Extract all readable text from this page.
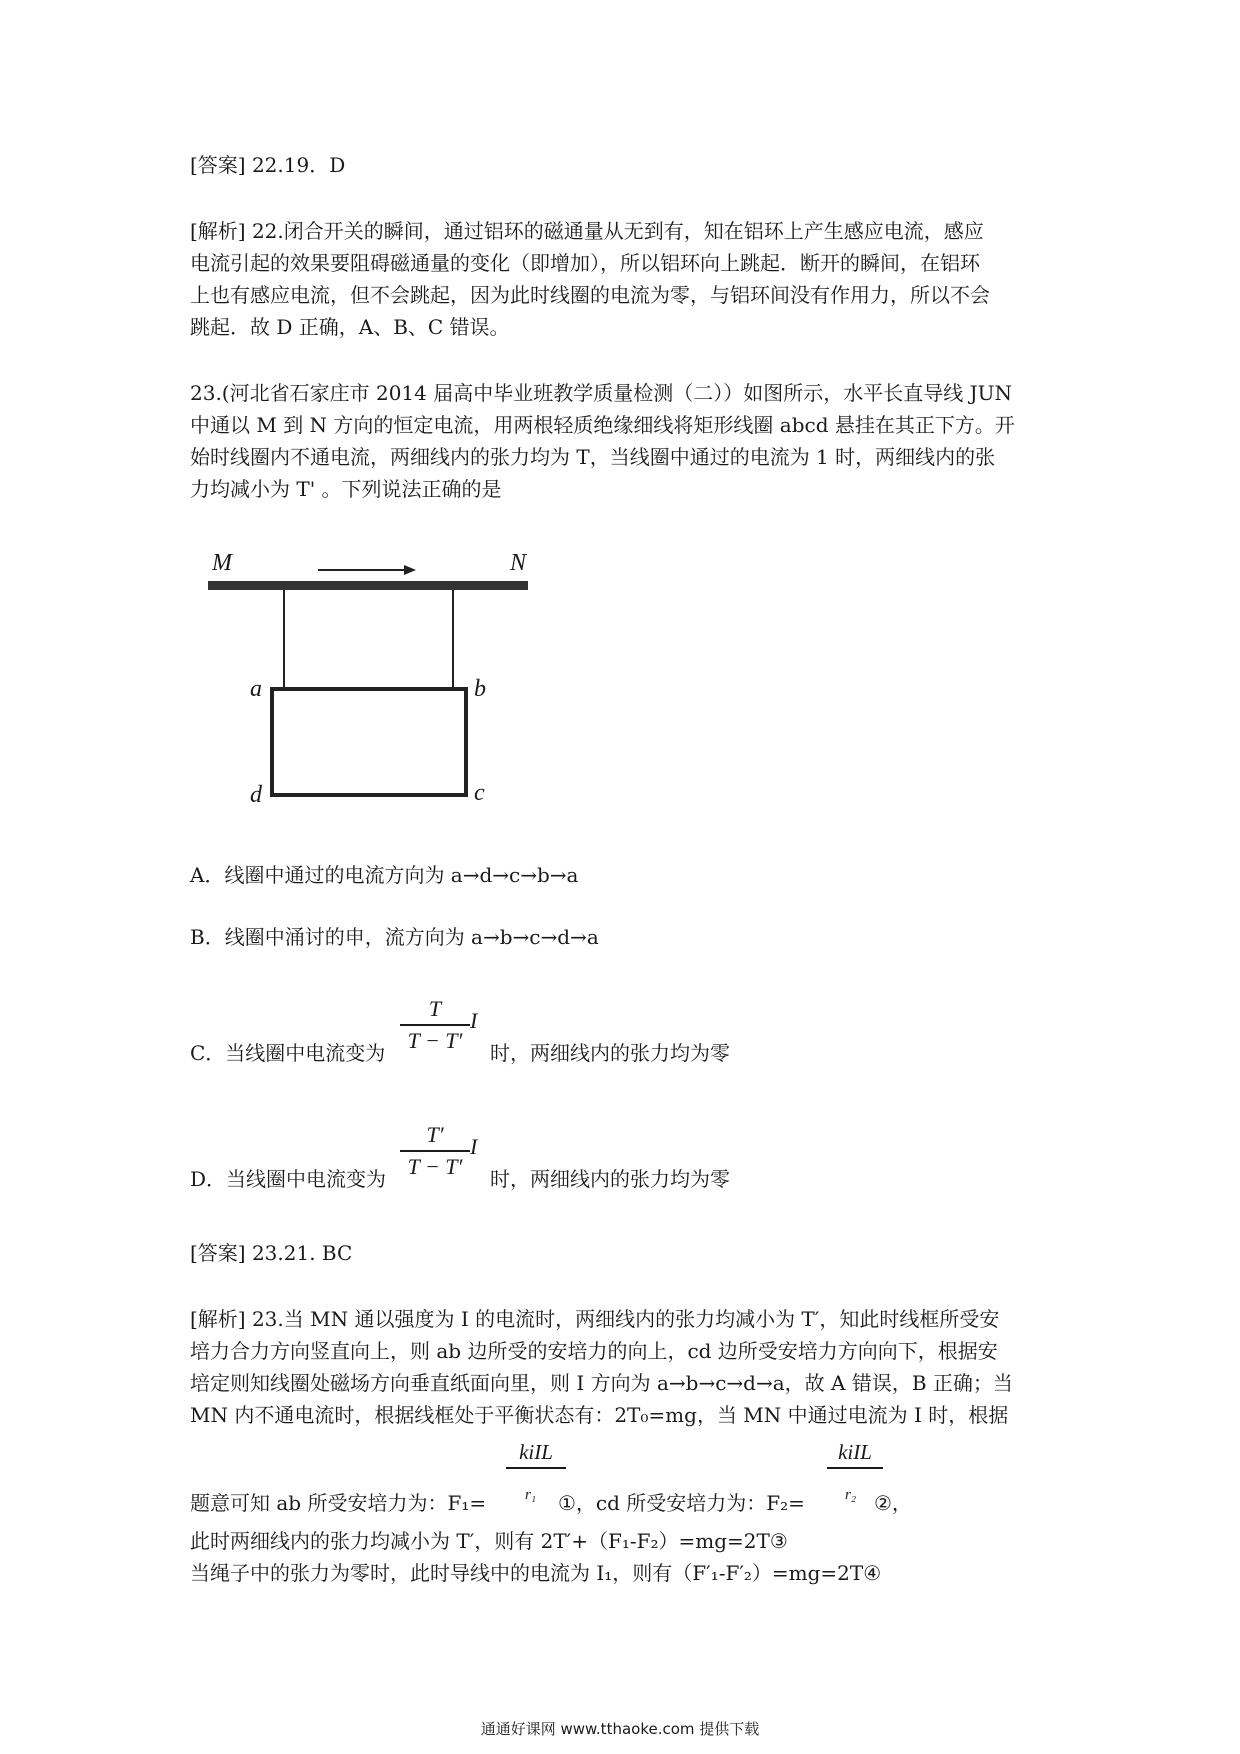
[答案] 22.19．D
[解析] 22.闭合开关的瞬间，通过铝环的磁通量从无到有，知在铝环上产生感应电流，感应
电流引起的效果要阻碍磁通量的变化（即增加），所以铝环向上跳起．断开的瞬间，在铝环
上也有感应电流，但不会跳起，因为此时线圈的电流为零，与铝环间没有作用力，所以不会
跳起．故 D 正确，A、B、C 错误。
23.(河北省石家庄市 2014 届高中毕业班教学质量检测（二））如图所示，水平长直导线 JUN
中通以 M 到 N 方向的恒定电流，用两根轻质绝缘细线将矩形线圈 abcd 悬挂在其正下方。开
始时线圈内不通电流，两细线内的张力均为 T，当线圈中通过的电流为 1 时，两细线内的张
力均减小为 T' 。下列说法正确的是
M	N
a	b
c
d
A．线圈中通过的电流方向为 a→d→c→b→a
B．线圈中涌讨的申，流方向为 a→b→c→d→a
C．当线圈中电流变为
T
T − T′
I
时，两细线内的张力均为零
D．当线圈中电流变为
T′
T − T′
I
时，两细线内的张力均为零
[答案] 23.21. BC
[解析] 23.当 MN 通以强度为 I 的电流时，两细线内的张力均减小为 T′，知此时线框所受安
培力合力方向竖直向上，则 ab 边所受的安培力的向上，cd 边所受安培力方向向下，根据安
培定则知线圈处磁场方向垂直纸面向里，则 I 方向为 a→b→c→d→a，故 A 错误，B 正确；当
MN 内不通电流时，根据线框处于平衡状态有：2T₀=mg，当 MN 中通过电流为 I 时，根据
kiIL	kiIL
题意可知 ab 所受安培力为：F₁=	r₁ ①，cd 所受安培力为：F₂=	r₂ ②，
此时两细线内的张力均减小为 T′，则有 2T′+（F₁-F₂）=mg=2T③
当绳子中的张力为零时，此时导线中的电流为 I₁，则有（F′₁-F′₂）=mg=2T④
通通好课网 www.tthaoke.com 提供下载
